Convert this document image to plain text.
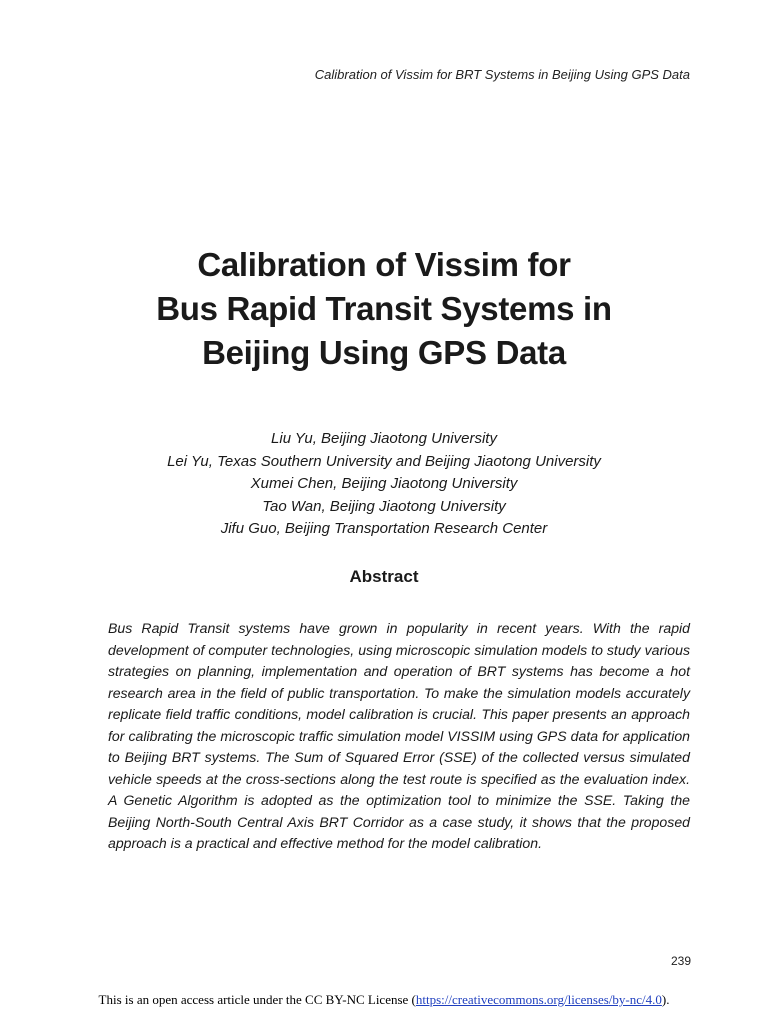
Calibration of Vissim for BRT Systems in Beijing Using GPS Data
Calibration of Vissim for
Bus Rapid Transit Systems in
Beijing Using GPS Data
Liu Yu, Beijing Jiaotong University
Lei Yu, Texas Southern University and Beijing Jiaotong University
Xumei Chen, Beijing Jiaotong University
Tao Wan, Beijing Jiaotong University
Jifu Guo, Beijing Transportation Research Center
Abstract

Bus Rapid Transit systems have grown in popularity in recent years. With the rapid development of computer technologies, using microscopic simulation models to study various strategies on planning, implementation and operation of BRT systems has become a hot research area in the field of public transportation. To make the simulation models accurately replicate field traffic conditions, model calibration is crucial. This paper presents an approach for calibrating the microscopic traffic simulation model VISSIM using GPS data for application to Beijing BRT systems. The Sum of Squared Error (SSE) of the collected versus simulated vehicle speeds at the cross-sections along the test route is specified as the evaluation index. A Genetic Algorithm is adopted as the optimization tool to minimize the SSE. Taking the Beijing North-South Central Axis BRT Corridor as a case study, it shows that the proposed approach is a practical and effective method for the model calibration.

239
This is an open access article under the CC BY-NC License (https://creativecommons.org/licenses/by-nc/4.0).
